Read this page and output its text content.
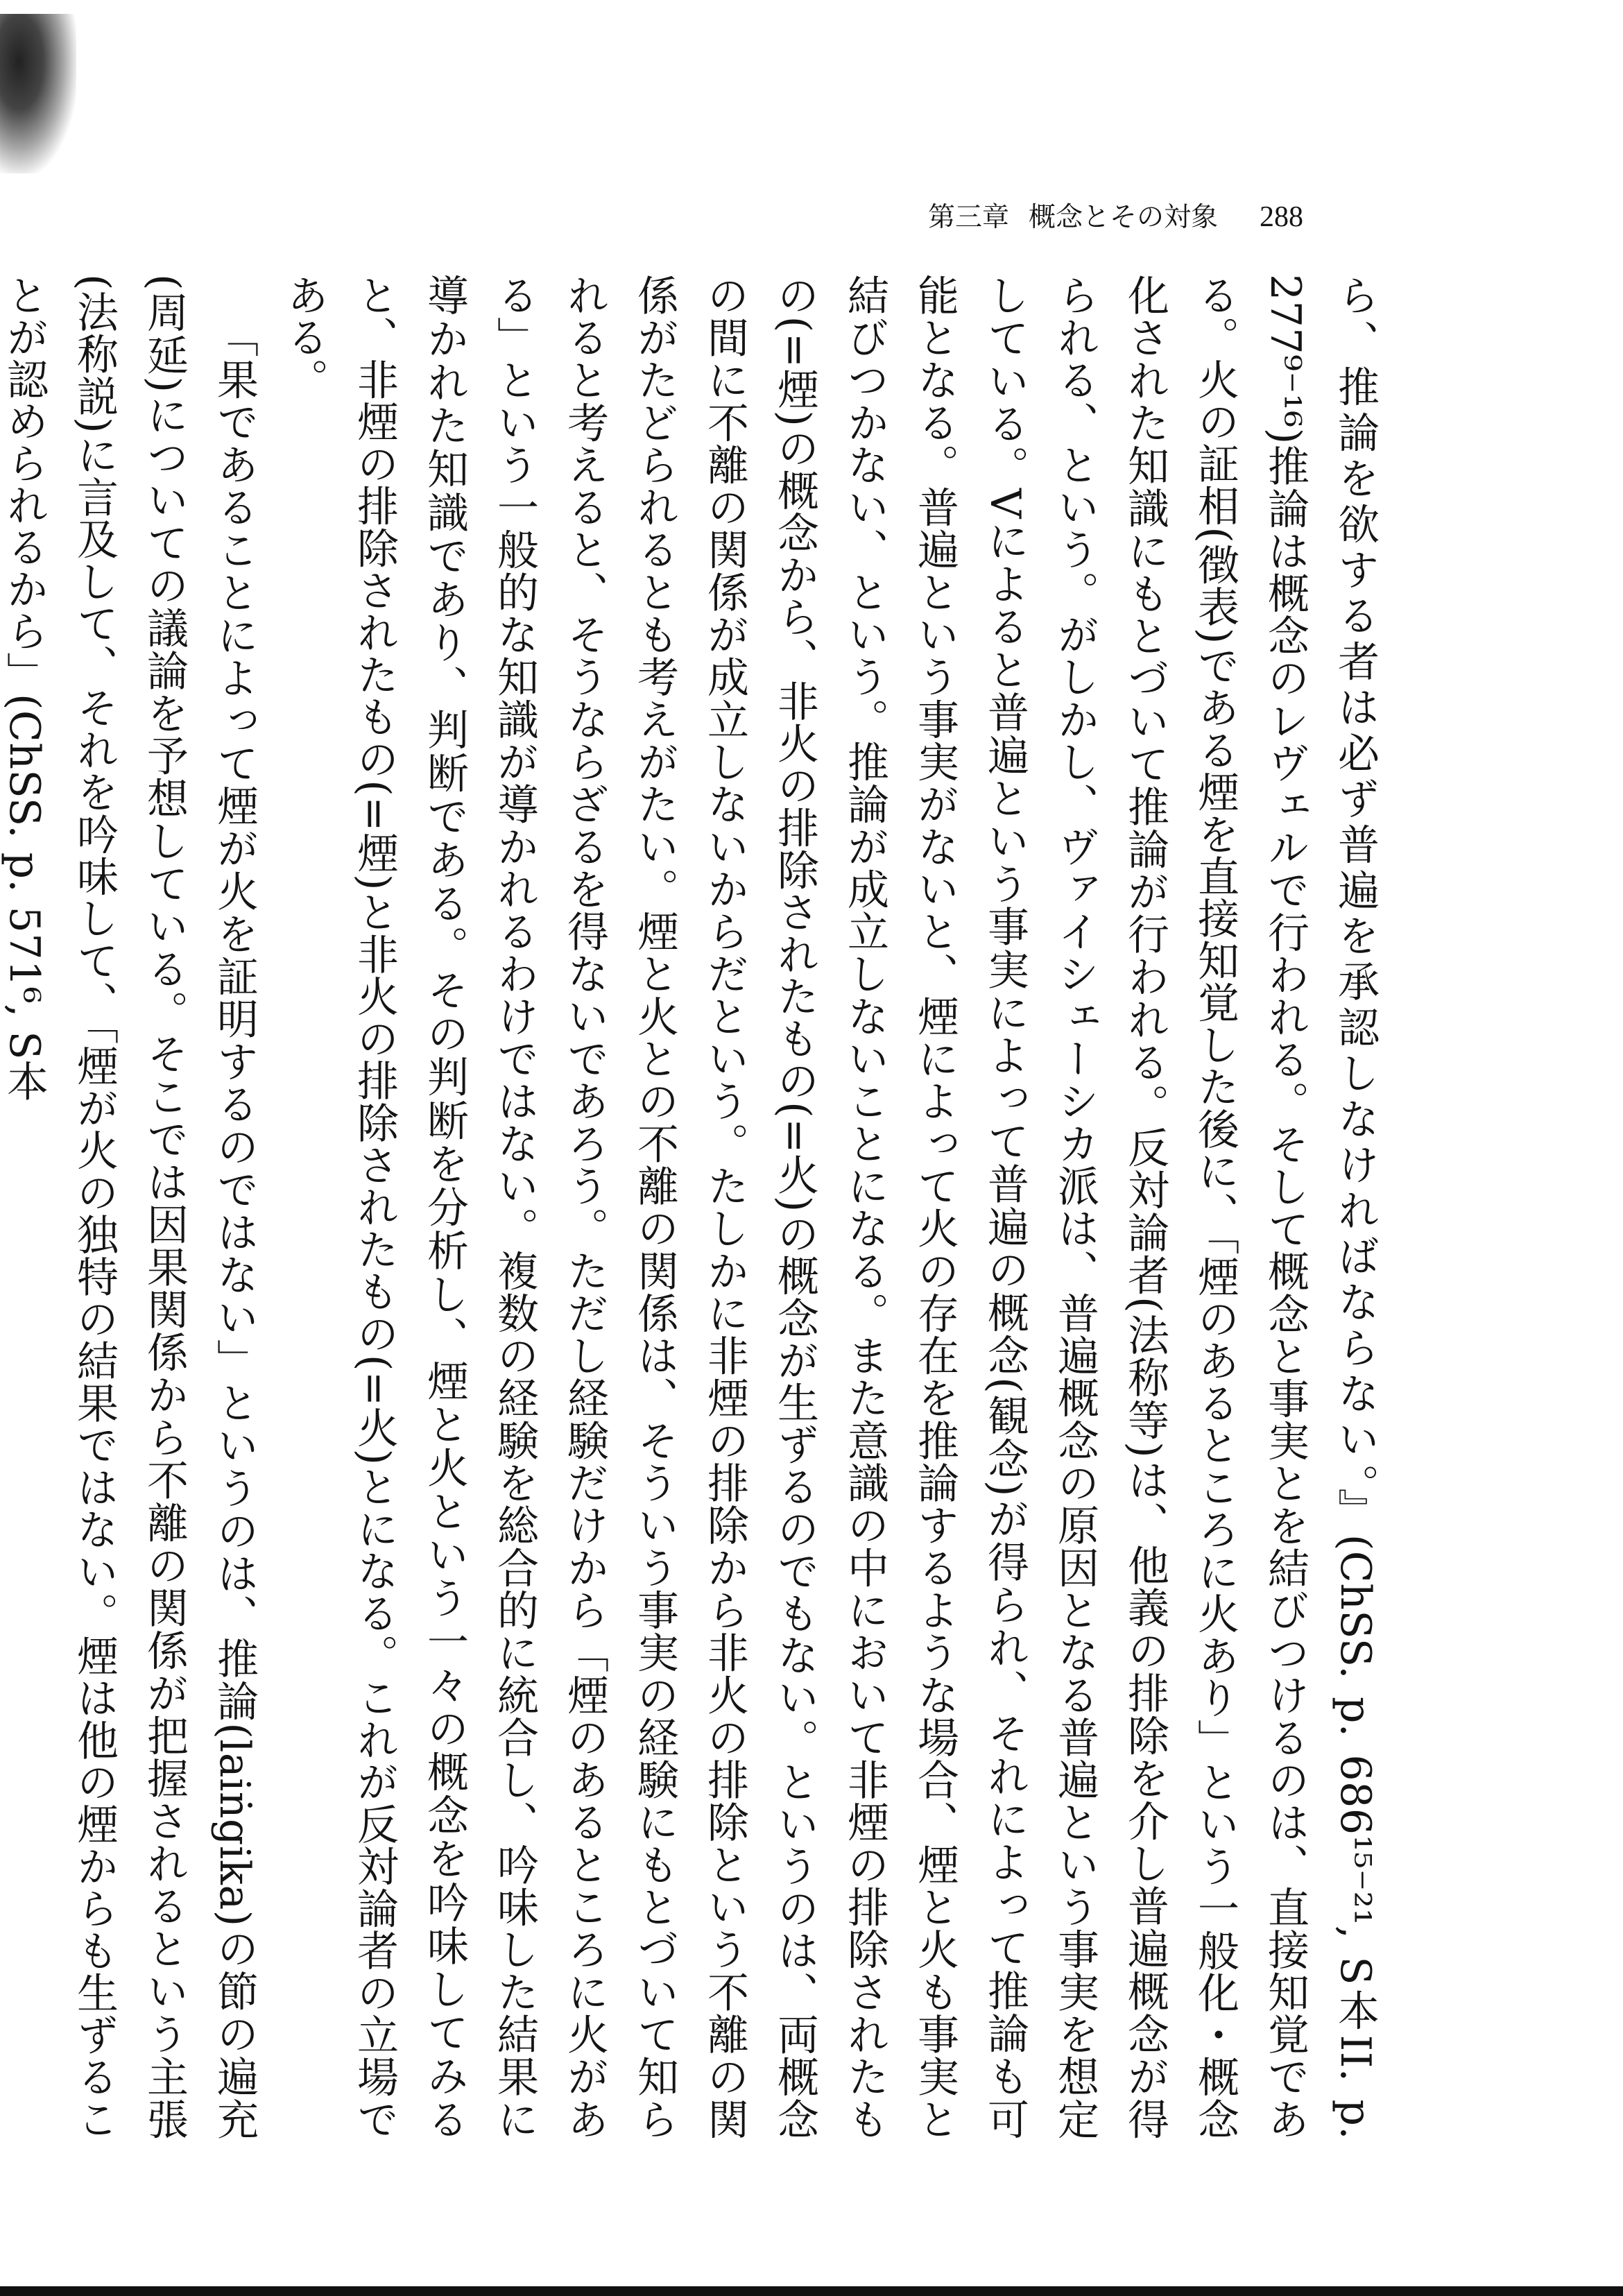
第三章 概念とその対象 288

ら、推論を欲する者は必ず普遍を承認しなければならない。』(ChSS. p. 686¹⁵⁻²¹, S本II. p. 277⁹⁻¹⁶)推論は概念のレヴェルで行われる。そして概念と事実とを結びつけるのは、直接知覚である。火の証相(徴表)である煙を直接知覚した後に、「煙のあるところに火あり」という一般化・概念化された知識にもとづいて推論が行われる。反対論者(法称等)は、他義の排除を介し普遍概念が得られる、という。がしかし、ヴァイシェーシカ派は、普遍概念の原因となる普遍という事実を想定している。Vによると普遍という事実によって普遍の概念(観念)が得られ、それによって推論も可能となる。普遍という事実がないと、煙によって火の存在を推論するような場合、煙と火も事実と結びつかない、という。推論が成立しないことになる。また意識の中において非煙の排除されたもの(=煙)の概念から、非火の排除されたもの(=火)の概念が生ずるのでもない。というのは、両概念の間に不離の関係が成立しないからだという。たしかに非煙の排除から非火の排除という不離の関係がたどられるとも考えがたい。煙と火との不離の関係は、そういう事実の経験にもとづいて知られると考えると、そうならざるを得ないであろう。ただし経験だけから「煙のあるところに火がある」という一般的な知識が導かれるわけではない。複数の経験を総合的に統合し、吟味した結果に導かれた知識であり、判断である。その判断を分析し、煙と火という一々の概念を吟味してみると、非煙の排除されたもの(=煙)と非火の排除されたもの(=火)とになる。これが反対論者の立場である。

「果であることによって煙が火を証明するのではない」というのは、推論(laiṅgika)の節の遍充(周延)についての議論を予想している。そこでは因果関係から不離の関係が把握されるという主張(法称説)に言及して、それを吟味して、「煙が火の独特の結果ではない。煙は他の煙からも生ずることが認められるから」(ChSS. p. 571⁶, S本
